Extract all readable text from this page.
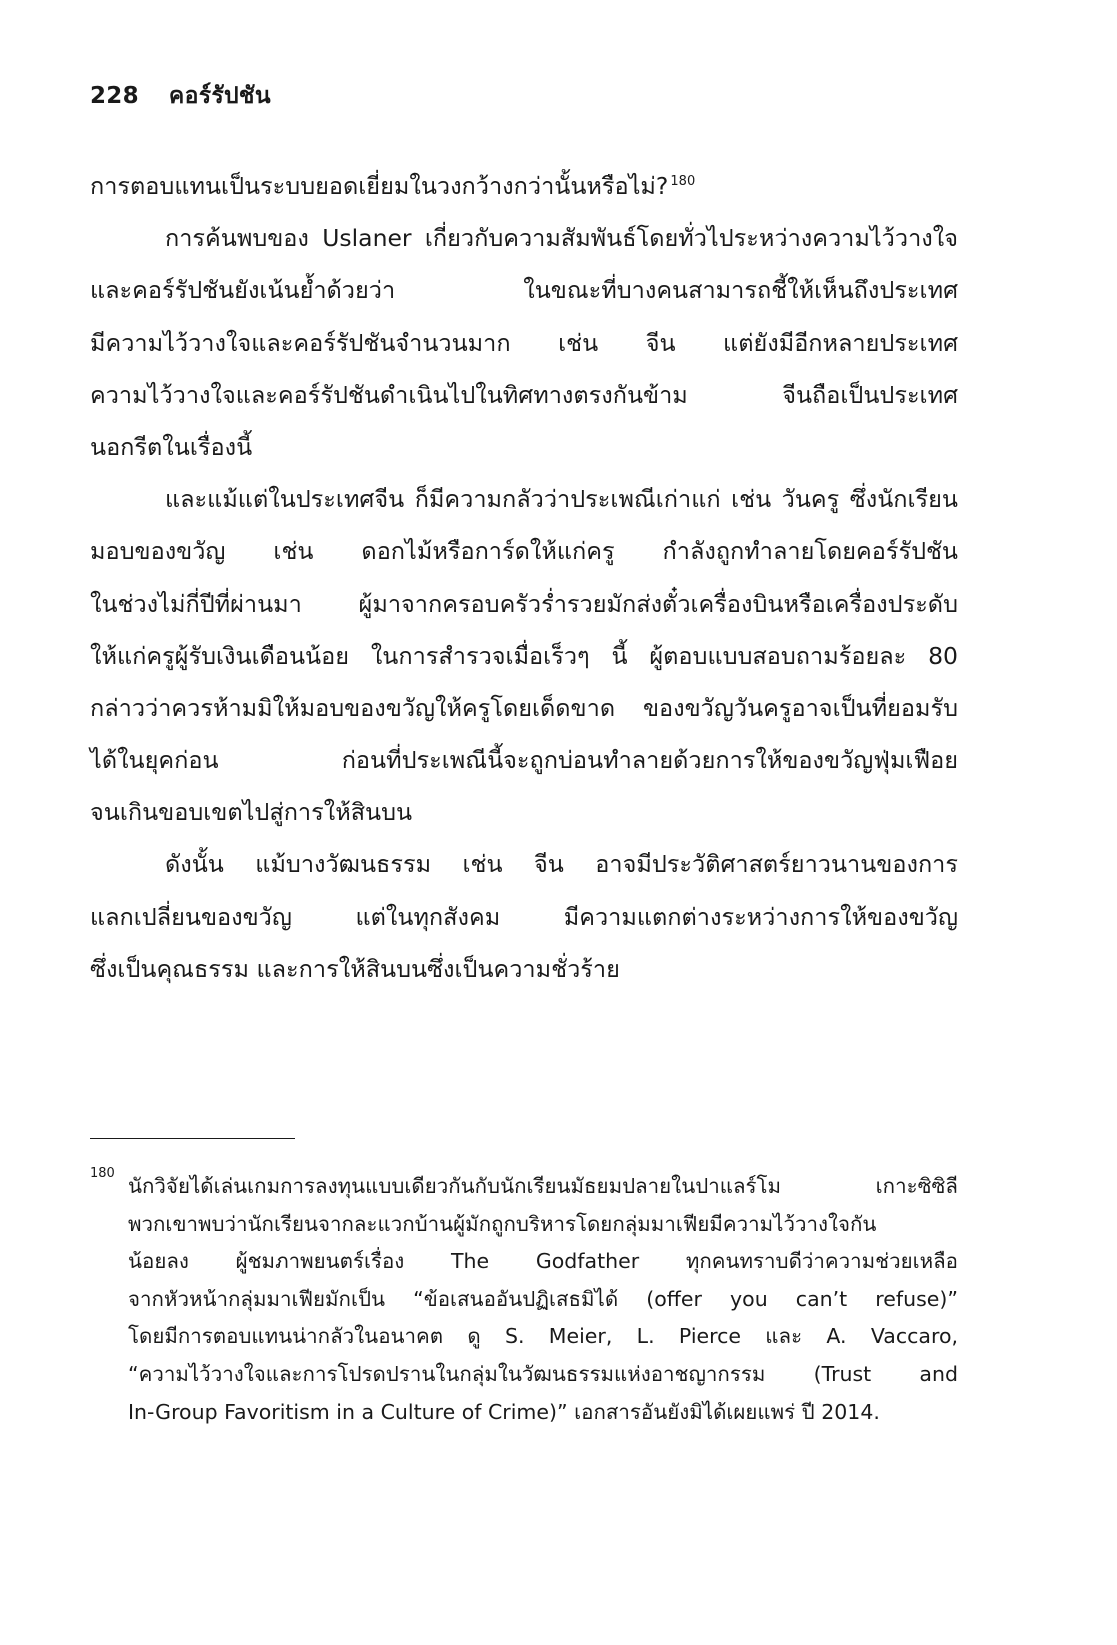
228 คอร์รัปชัน
การตอบแทนเป็นระบบยอดเยี่ยมในวงกว้างกว่านั้นหรือไม่? $^{180}$
การค้นพบของ Uslaner เกี่ยวกับความสัมพันธ์โดยทั่วไประหว่างความไว้วางใจ
และคอร์รัปชันยังเน้นย้ำด้วยว่า ในขณะที่บางคนสามารถชี้ให้เห็นถึงประเทศ
มีความไว้วางใจและคอร์รัปชันจำนวนมาก เช่น จีน แต่ยังมีอีกหลายประเทศ
ความไว้วางใจและคอร์รัปชันดำเนินไปในทิศทางตรงกันข้าม จีนถือเป็นประเทศ
นอกรีตในเรื่องนี้
และแม้แต่ในประเทศจีน ก็มีความกลัวว่าประเพณีเก่าแก่ เช่น วันครู ซึ่งนักเรียน
มอบของขวัญ เช่น ดอกไม้หรือการ์ดให้แก่ครู กำลังถูกทำลายโดยคอร์รัปชัน
ในช่วงไม่กี่ปีที่ผ่านมา ผู้มาจากครอบครัวร่ำรวยมักส่งตั๋วเครื่องบินหรือเครื่องประดับ
ให้แก่ครูผู้รับเงินเดือนน้อย ในการสำรวจเมื่อเร็วๆ นี้ ผู้ตอบแบบสอบถามร้อยละ 80
กล่าวว่าควรห้ามมิให้มอบของขวัญให้ครูโดยเด็ดขาด ของขวัญวันครูอาจเป็นที่ยอมรับ
ได้ในยุคก่อน ก่อนที่ประเพณีนี้จะถูกบ่อนทำลายด้วยการให้ของขวัญฟุ่มเฟือย
จนเกินขอบเขตไปสู่การให้สินบน
ดังนั้น แม้บางวัฒนธรรม เช่น จีน อาจมีประวัติศาสตร์ยาวนานของการ
แลกเปลี่ยนของขวัญ แต่ในทุกสังคม มีความแตกต่างระหว่างการให้ของขวัญ
ซึ่งเป็นคุณธรรม และการให้สินบนซึ่งเป็นความชั่วร้าย
180
นักวิจัยได้เล่นเกมการลงทุนแบบเดียวกันกับนักเรียนมัธยมปลายในปาแลร์โม เกาะซิซิลี
พวกเขาพบว่านักเรียนจากละแวกบ้านผู้มักถูกบริหารโดยกลุ่มมาเฟียมีความไว้วางใจกัน
น้อยลง ผู้ชมภาพยนตร์เรื่อง The Godfather ทุกคนทราบดีว่าความช่วยเหลือ
จากหัวหน้ากลุ่มมาเฟียมักเป็น “ข้อเสนออันปฏิเสธมิได้ (offer you can’t refuse)”
โดยมีการตอบแทนน่ากลัวในอนาคต ดู S. Meier, L. Pierce และ A. Vaccaro,
“ความไว้วางใจและการโปรดปรานในกลุ่มในวัฒนธรรมแห่งอาชญากรรม (Trust and
In-Group Favoritism in a Culture of Crime)” เอกสารอันยังมิได้เผยแพร่ ปี 2014.
